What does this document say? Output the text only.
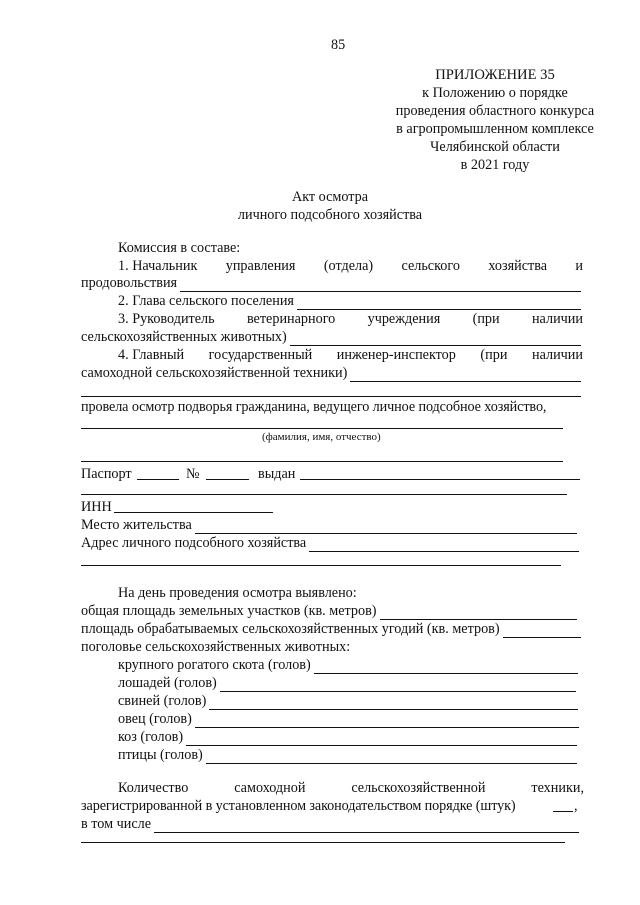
85
ПРИЛОЖЕНИЕ 35
к Положению о порядке
проведения областного конкурса
в агропромышленном комплексе
Челябинской области
в 2021 году
Акт осмотра
личного подсобного хозяйства
Комиссия в составе:
1. Начальник управления (отдела) сельского хозяйства и
продовольствия
2. Глава сельского поселения
3. Руководитель ветеринарного учреждения (при наличии
сельскохозяйственных животных)
4. Главный государственный инженер-инспектор (при наличии
самоходной сельскохозяйственной техники)
провела осмотр подворья гражданина, ведущего личное подсобное хозяйство,
(фамилия, имя, отчество)
Паспорт	№	выдан
ИНН
Место жительства
Адрес личного подсобного хозяйства
На день проведения осмотра выявлено:
общая площадь земельных участков (кв. метров)
площадь обрабатываемых сельскохозяйственных угодий (кв. метров)
поголовье сельскохозяйственных животных:
крупного рогатого скота (голов)
лошадей (голов)
свиней (голов)
овец (голов)
коз (голов)
птицы (голов)
Количество	самоходной	сельскохозяйственной	техники,
зарегистрированной в установленном законодательством порядке (штук)	,
в том числе
